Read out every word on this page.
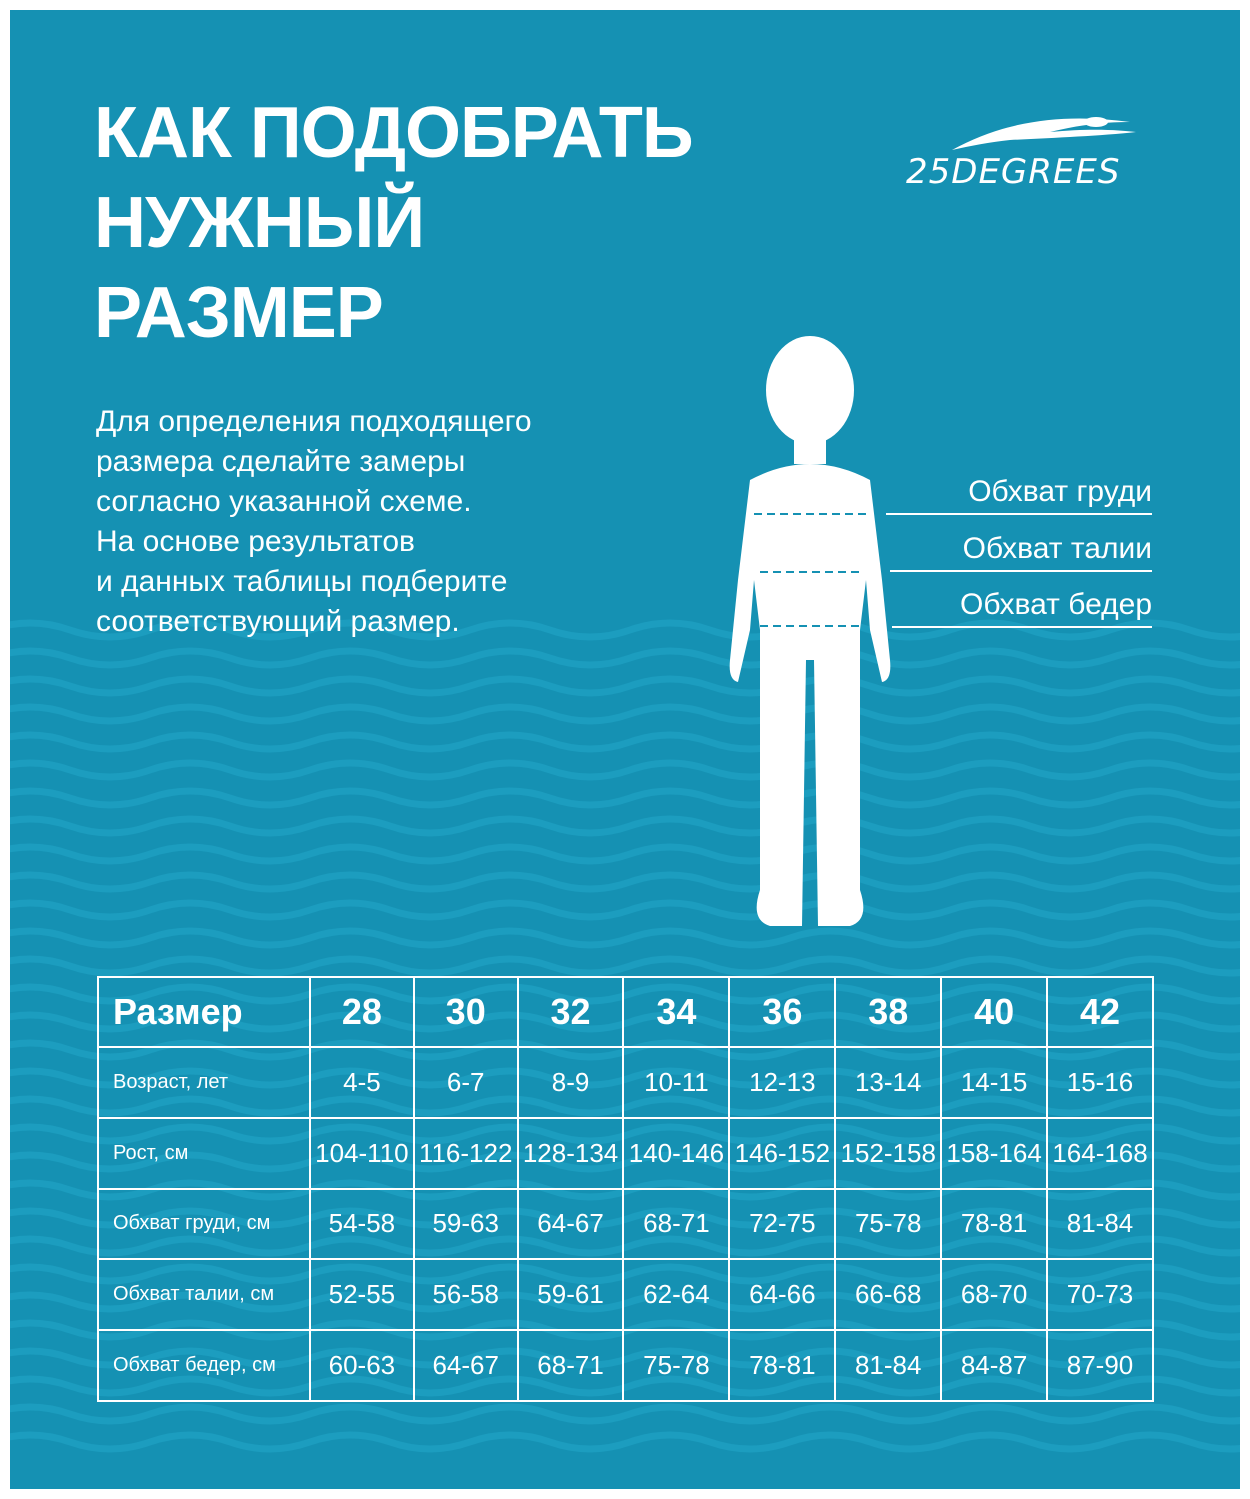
КАК ПОДОБРАТЬ
НУЖНЫЙ
РАЗМЕР
25DEGREES
Для определения подходящего
размера сделайте замеры
согласно указанной схеме.
На основе результатов
и данных таблицы подберите
соответствующий размер.
Обхват груди
Обхват талии
Обхват бедер
Размер	28	30	32	34	36	38	40	42
Возраст, лет	4-5	6-7	8-9	10-11	12-13	13-14	14-15	15-16
Рост, см	104-110	116-122	128-134	140-146	146-152	152-158	158-164	164-168
Обхват груди, см	54-58	59-63	64-67	68-71	72-75	75-78	78-81	81-84
Обхват талии, см	52-55	56-58	59-61	62-64	64-66	66-68	68-70	70-73
Обхват бедер, см	60-63	64-67	68-71	75-78	78-81	81-84	84-87	87-90
